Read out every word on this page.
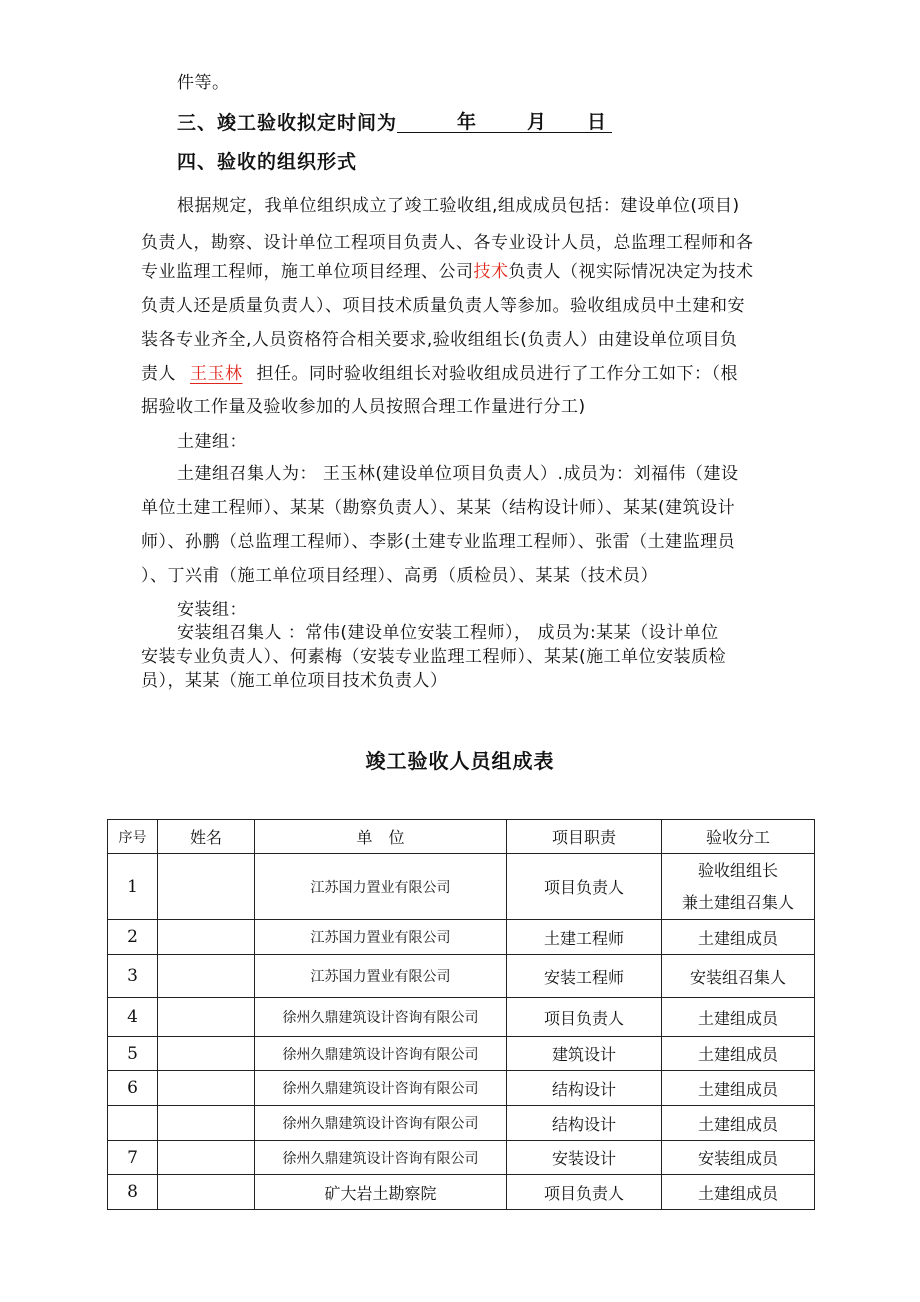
件等。
三、竣工验收拟定时间为	年	月 日
四、验收的组织形式
根据规定，我单位组织成立了竣工验收组,组成成员包括：建设单位(项目)
负责人，勘察、设计单位工程项目负责人、各专业设计人员，总监理工程师和各
专业监理工程师，施工单位项目经理、公司技术负责人（视实际情况决定为技术
负责人还是质量负责人）、项目技术质量负责人等参加。验收组成员中土建和安
装各专业齐全,人员资格符合相关要求,验收组组长(负责人）由建设单位项目负
责人 王玉林 担任。同时验收组组长对验收组成员进行了工作分工如下：（根
据验收工作量及验收参加的人员按照合理工作量进行分工)
土建组：
土建组召集人为： 王玉林(建设单位项目负责人）.成员为：刘福伟（建设
单位土建工程师）、某某（勘察负责人）、某某（结构设计师）、某某(建筑设计
师）、孙鹏（总监理工程师）、李影(土建专业监理工程师）、张雷（土建监理员
）、丁兴甫（施工单位项目经理）、高勇（质检员）、某某（技术员）
安装组：
安装组召集人 ：常伟(建设单位安装工程师）， 成员为:某某（设计单位
安装专业负责人）、何素梅（安装专业监理工程师）、某某(施工单位安装质检
员），某某（施工单位项目技术负责人）
竣工验收人员组成表
序号	姓名	单　位	项目职责	验收分工
1		江苏国力置业有限公司	项目负责人	验收组组长
兼土建组召集人

2		江苏国力置业有限公司	土建工程师	土建组成员
3		江苏国力置业有限公司	安装工程师	安装组召集人
4		徐州久鼎建筑设计咨询有限公司	项目负责人	土建组成员
5		徐州久鼎建筑设计咨询有限公司	建筑设计	土建组成员
6		徐州久鼎建筑设计咨询有限公司	结构设计	土建组成员
		徐州久鼎建筑设计咨询有限公司	结构设计	土建组成员
7		徐州久鼎建筑设计咨询有限公司	安装设计	安装组成员
8		矿大岩土勘察院	项目负责人	土建组成员
